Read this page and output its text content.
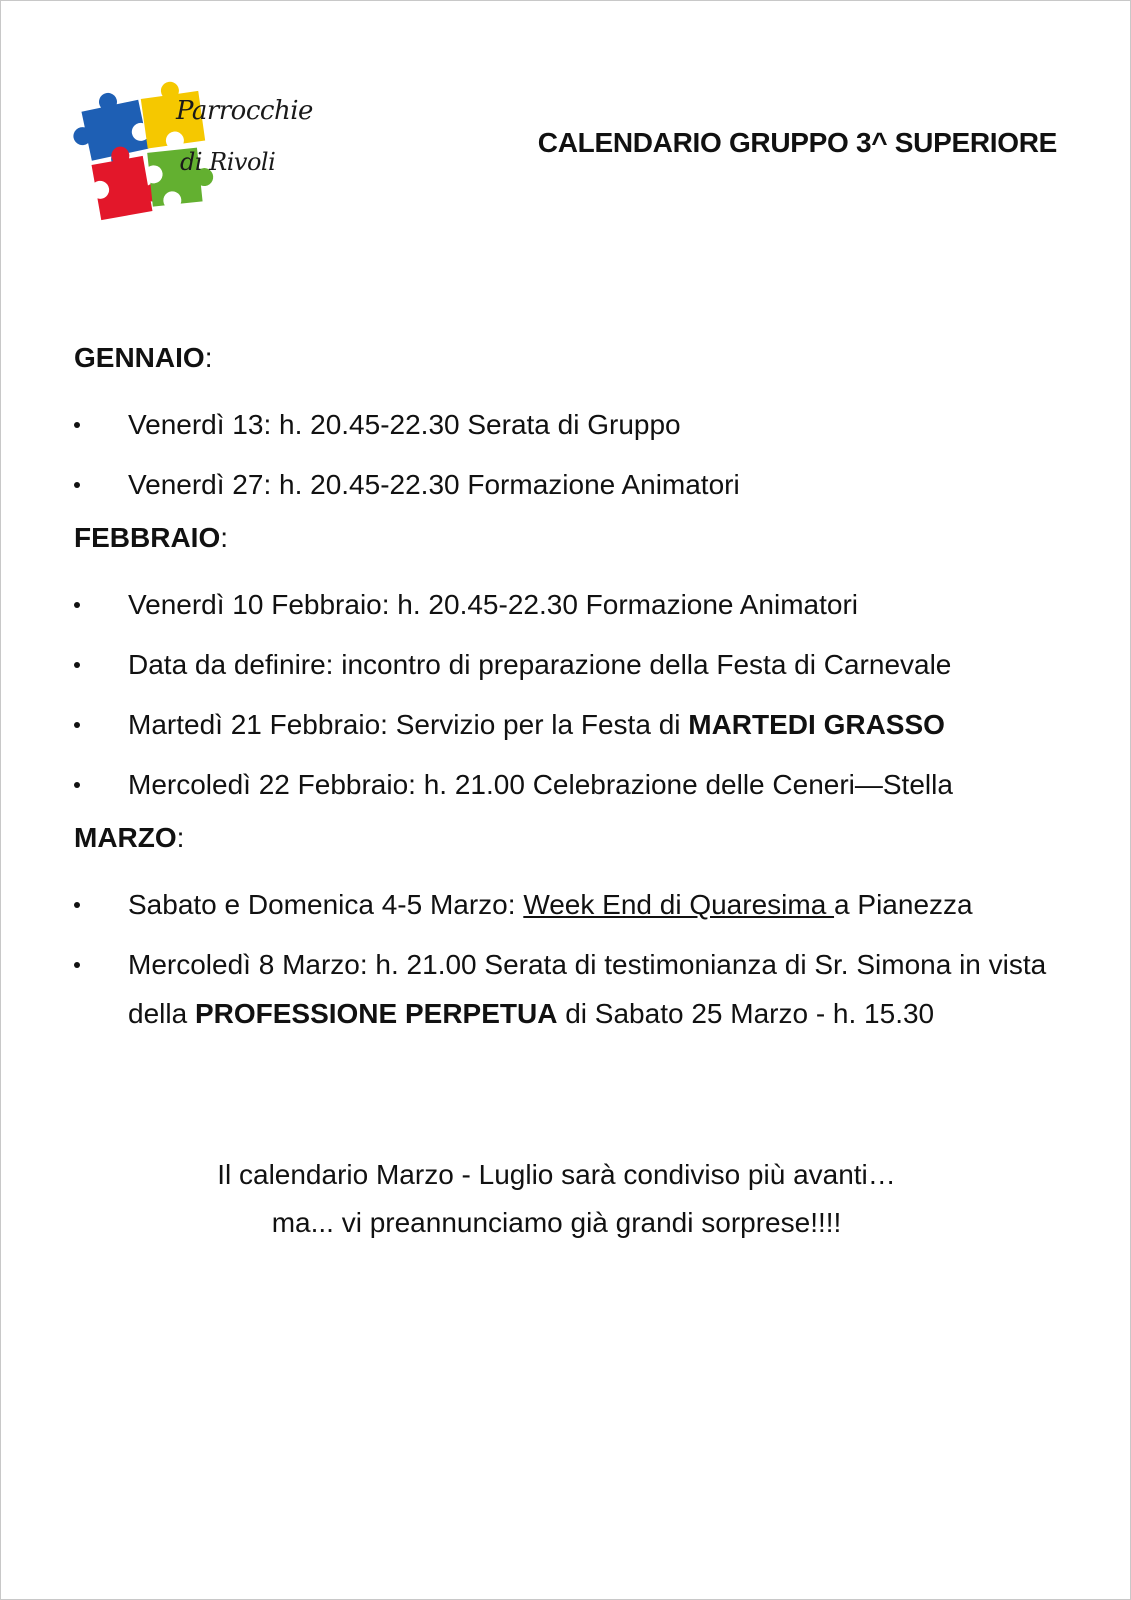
Parrocchie
di Rivoli
CALENDARIO GRUPPO 3^ SUPERIORE
GENNAIO:
Venerdì 13: h. 20.45-22.30 Serata di Gruppo
Venerdì 27: h. 20.45-22.30 Formazione Animatori
FEBBRAIO:
Venerdì 10 Febbraio: h. 20.45-22.30 Formazione Animatori
Data da definire: incontro di preparazione della Festa di Carnevale
Martedì 21 Febbraio: Servizio per la Festa di MARTEDI GRASSO
Mercoledì 22 Febbraio: h. 21.00 Celebrazione delle Ceneri—Stella
MARZO:
Sabato e Domenica 4-5 Marzo: Week End di Quaresima a Pianezza
Mercoledì 8 Marzo: h. 21.00 Serata di testimonianza di Sr. Simona in vista della PROFESSIONE PERPETUA di Sabato 25 Marzo - h. 15.30
Il calendario Marzo - Luglio sarà condiviso più avanti…
ma... vi preannunciamo già grandi sorprese!!!!
